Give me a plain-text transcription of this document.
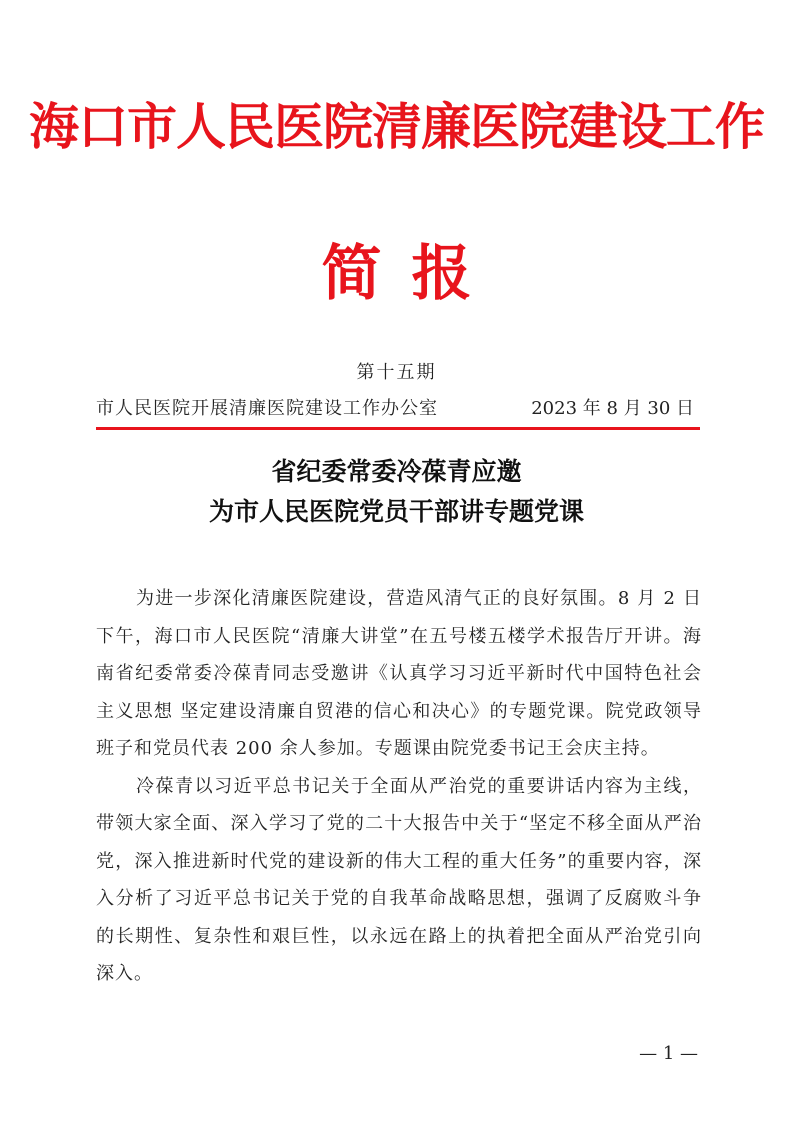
海口市人民医院清廉医院建设工作
简报
第十五期
市人民医院开展清廉医院建设工作办公室	2023 年 8 月 30 日
省纪委常委冷葆青应邀
为市人民医院党员干部讲专题党课

为进一步深化清廉医院建设，营造风清气正的良好氛围。8 月 2 日下午，海口市人民医院“清廉大讲堂”在五号楼五楼学术报告厅开讲。海南省纪委常委冷葆青同志受邀讲《认真学习习近平新时代中国特色社会主义思想 坚定建设清廉自贸港的信心和决心》的专题党课。院党政领导班子和党员代表 200 余人参加。专题课由院党委书记王会庆主持。

冷葆青以习近平总书记关于全面从严治党的重要讲话内容为主线，带领大家全面、深入学习了党的二十大报告中关于“坚定不移全面从严治党，深入推进新时代党的建设新的伟大工程的重大任务”的重要内容，深入分析了习近平总书记关于党的自我革命战略思想，强调了反腐败斗争的长期性、复杂性和艰巨性，以永远在路上的执着把全面从严治党引向深入。

— 1 —
